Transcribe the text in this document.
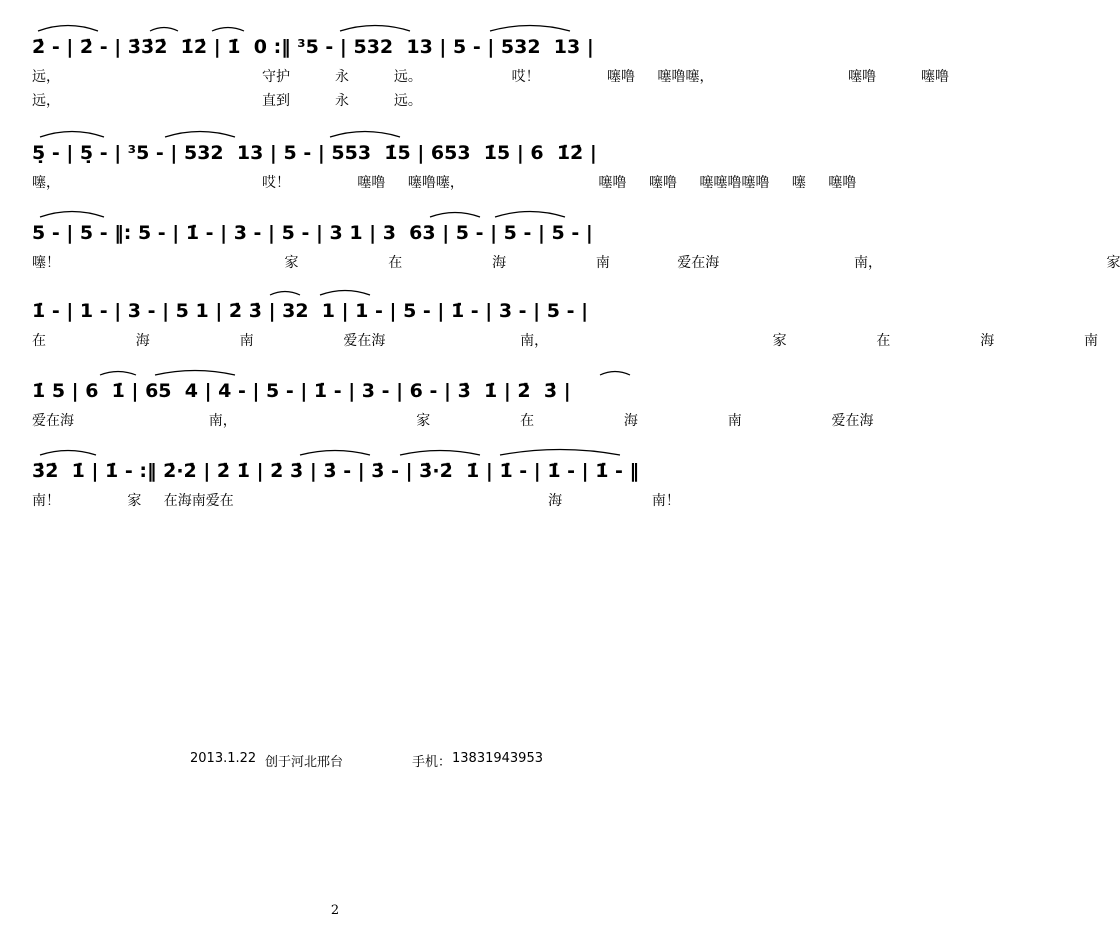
2̇ - | 2̇ - | 3̇3̇2̇  1̇2̇ | 1̇  0 :‖ ³5 - | 532  13 | 5 - | 532  13 |
远，         守护  永  远。    哎！   噻噜 噻噜噻，      噻噜  噻噜
远，         直到  永  远。
5̣ - | 5̣ - | ³5 - | 532  13 | 5 - | 553  1̇5 | 653  1̇5 | 6  1̇2̇ |
噻，         哎！   噻噜 噻噜噻，      噻噜 噻噜 噻噻噜噻噜 噻 噻噜
5 - | 5 - ‖: 5 - | 1̇ - | 3 - | 5 - | 3 1 | 3  63 | 5 - | 5 - | 5 - |
噻！          家    在    海    南   爱在海      南，          家
1̇ - | 1 - | 3 - | 5 1 | 2̇ 3̇ | 32  1 | 1 - | 5 - | 1̇ - | 3 - | 5 - |
在    海    南    爱在海      南，          家    在    海    南
1̇ 5 | 6  1̇ | 65  4 | 4 - | 5 - | 1̇ - | 3 - | 6 - | 3̇  1̇ | 2̇  3̇ |
爱在海      南，        家    在    海    南    爱在海
3̇2̇  1̇ | 1̇ - :‖ 2̇·2̇ | 2̇ 1̇ | 2̇ 3̇ | 3̇ - | 3̇ - | 3̇·2̇  1̇ | 1̇ - | 1̇ - | 1̇ - ‖
南！   家 在海南爱在              海    南！
2013.1.22 创于河北邢台	手机： 13831943953
2
